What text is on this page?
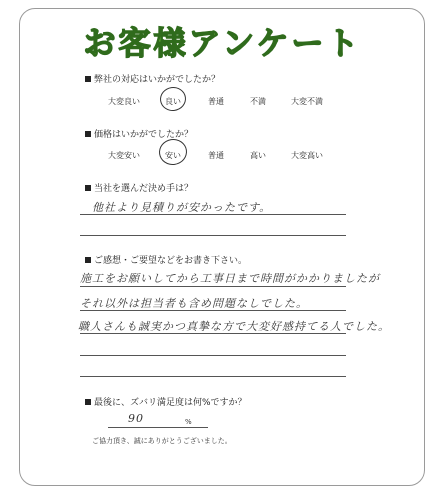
お客様アンケート
弊社の対応はいかがでしたか？
大変良い	良い	普通	不満	大変不満
価格はいかがでしたか？
大変安い	安い	普通	高い	大変高い
当社を選んだ決め手は？
他社より見積りが安かったです。
ご感想・ご要望などをお書き下さい。
施工をお願いしてから工事日まで時間がかかりましたが
それ以外は担当者も含め問題なしでした。
職人さんも誠実かつ真摯な方で大変好感持てる人でした。
最後に、ズバリ満足度は何%ですか？
90	%
ご協力頂き、誠にありがとうございました。
